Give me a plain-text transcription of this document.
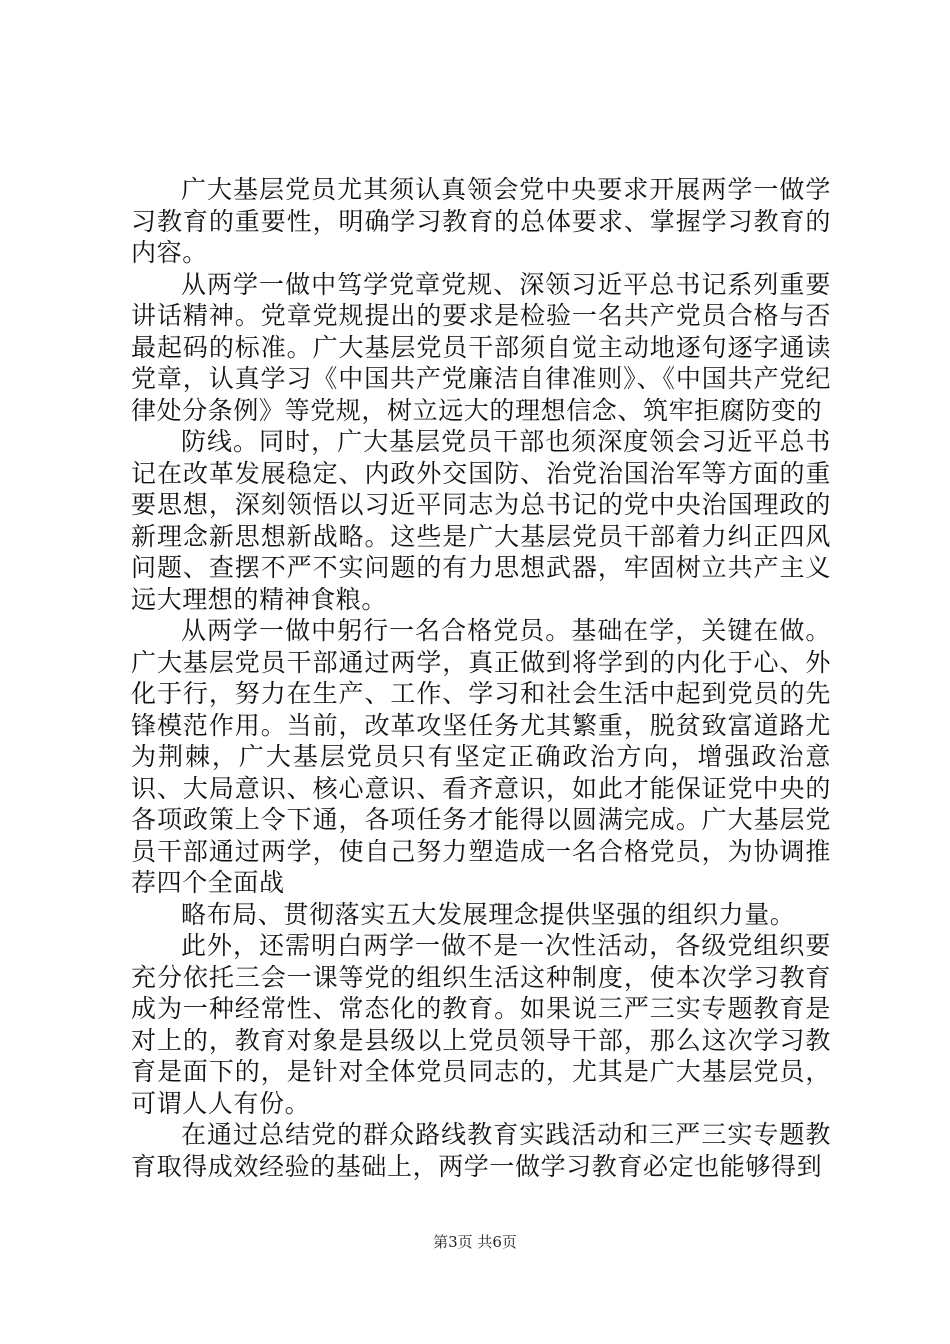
广大基层党员尤其须认真领会党中央要求开展两学一做学习教育的重要性，明确学习教育的总体要求、掌握学习教育的内容。

从两学一做中笃学党章党规、深领习近平总书记系列重要讲话精神。党章党规提出的要求是检验一名共产党员合格与否最起码的标准。广大基层党员干部须自觉主动地逐句逐字通读党章，认真学习《中国共产党廉洁自律准则》、《中国共产党纪律处分条例》等党规，树立远大的理想信念、筑牢拒腐防变的

防线。同时，广大基层党员干部也须深度领会习近平总书记在改革发展稳定、内政外交国防、治党治国治军等方面的重要思想，深刻领悟以习近平同志为总书记的党中央治国理政的新理念新思想新战略。这些是广大基层党员干部着力纠正四风问题、查摆不严不实问题的有力思想武器，牢固树立共产主义远大理想的精神食粮。

从两学一做中躬行一名合格党员。基础在学，关键在做。广大基层党员干部通过两学，真正做到将学到的内化于心、外化于行，努力在生产、工作、学习和社会生活中起到党员的先锋模范作用。当前，改革攻坚任务尤其繁重，脱贫致富道路尤为荆棘，广大基层党员只有坚定正确政治方向，增强政治意识、大局意识、核心意识、看齐意识，如此才能保证党中央的各项政策上令下通，各项任务才能得以圆满完成。广大基层党员干部通过两学，使自己努力塑造成一名合格党员，为协调推荐四个全面战

略布局、贯彻落实五大发展理念提供坚强的组织力量。

此外，还需明白两学一做不是一次性活动，各级党组织要充分依托三会一课等党的组织生活这种制度，使本次学习教育成为一种经常性、常态化的教育。如果说三严三实专题教育是对上的，教育对象是县级以上党员领导干部，那么这次学习教育是面下的，是针对全体党员同志的，尤其是广大基层党员，可谓人人有份。

在通过总结党的群众路线教育实践活动和三严三实专题教育取得成效经验的基础上，两学一做学习教育必定也能够得到

第3页 共6页
